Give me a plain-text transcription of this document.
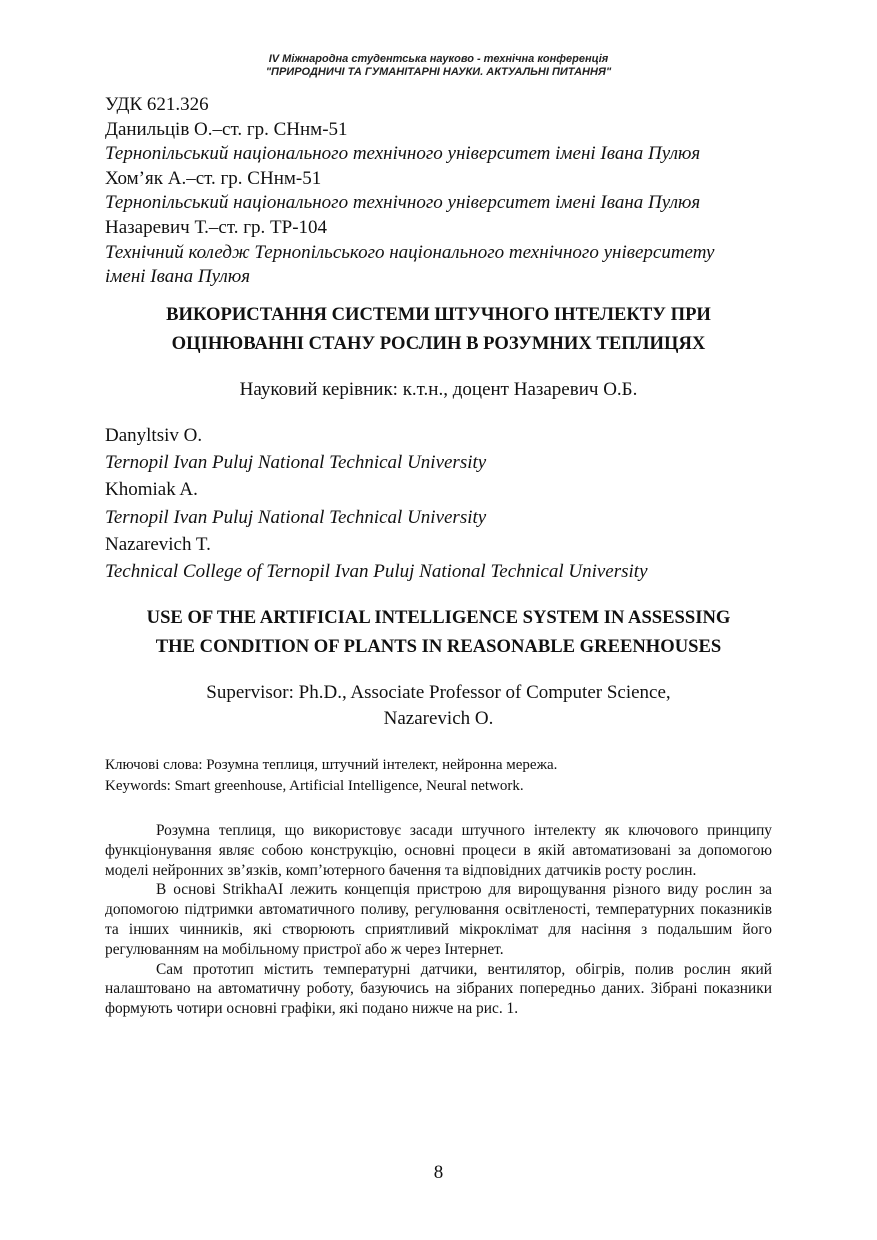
IV Міжнародна студентська науково - технічна конференція
"ПРИРОДНИЧІ ТА ГУМАНІТАРНІ НАУКИ. АКТУАЛЬНІ ПИТАННЯ"
УДК 621.326
Данильців О.–ст. гр. СНнм-51
Тернопільський національного технічного університет імені Івана Пулюя
Хом’як А.–ст. гр. СНнм-51
Тернопільський національного технічного університет імені Івана Пулюя
Назаревич Т.–ст. гр. ТР-104
Технічний коледж Тернопільського національного технічного університету
імені Івана Пулюя
ВИКОРИСТАННЯ СИСТЕМИ ШТУЧНОГО ІНТЕЛЕКТУ ПРИ
ОЦІНЮВАННІ СТАНУ РОСЛИН В РОЗУМНИХ ТЕПЛИЦЯХ
Науковий керівник: к.т.н., доцент Назаревич О.Б.
Danyltsiv O.
Ternopil Ivan Puluj National Technical University
Khomiak A.
Ternopil Ivan Puluj National Technical University
Nazarevich T.
Technical College of Ternopil Ivan Puluj National Technical University
USE OF THE ARTIFICIAL INTELLIGENCE SYSTEM IN ASSESSING
THE CONDITION OF PLANTS IN REASONABLE GREENHOUSES
Supervisor: Ph.D., Associate Professor of Computer Science,
Nazarevich O.
Ключові слова: Розумна теплиця, штучний інтелект, нейронна мережа.
Keywords: Smart greenhouse, Artificial Intelligence, Neural network.

Розумна теплиця, що використовує засади штучного інтелекту як ключового принципу функціонування являє собою конструкцію, основні процеси в якій автоматизовані за допомогою моделі нейронних зв’язків, комп’ютерного бачення та відповідних датчиків росту рослин.

В основі StrikhaAI лежить концепція пристрою для вирощування різного виду рослин за допомогою підтримки автоматичного поливу, регулювання освітленості, температурних показників та інших чинників, які створюють сприятливий мікроклімат для насіння з подальшим його регулюванням на мобільному пристрої або ж через Інтернет.

Сам прототип містить температурні датчики, вентилятор, обігрів, полив рослин який налаштовано на автоматичну роботу, базуючись на зібраних попередньо даних. Зібрані показники формують чотири основні графіки, які подано нижче на рис. 1.

8
